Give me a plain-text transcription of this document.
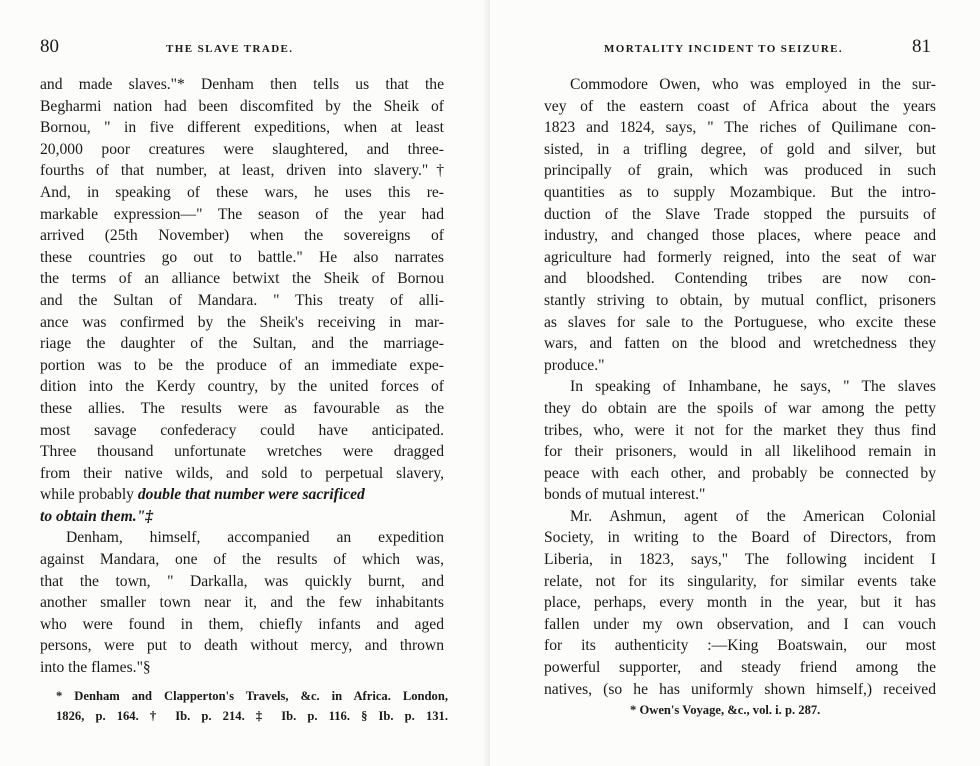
80	THE SLAVE TRADE.
and made slaves."* Denham then tells us that the
Begharmi nation had been discomfited by the Sheik of
Bornou, " in five different expeditions, when at least
20,000 poor creatures were slaughtered, and three-
fourths of that number, at least, driven into slavery."†
And, in speaking of these wars, he uses this re-
markable expression—" The season of the year had
arrived (25th November) when the sovereigns of
these countries go out to battle." He also narrates
the terms of an alliance betwixt the Sheik of Bornou
and the Sultan of Mandara. " This treaty of alli-
ance was confirmed by the Sheik's receiving in mar-
riage the daughter of the Sultan, and the marriage-
portion was to be the produce of an immediate expe-
dition into the Kerdy country, by the united forces of
these allies. The results were as favourable as the
most savage confederacy could have anticipated.
Three thousand unfortunate wretches were dragged
from their native wilds, and sold to perpetual slavery,
while probably double that number were sacrificed
to obtain them."‡
Denham, himself, accompanied an expedition
against Mandara, one of the results of which was,
that the town, " Darkalla, was quickly burnt, and
another smaller town near it, and the few inhabitants
who were found in them, chiefly infants and aged
persons, were put to death without mercy, and thrown
into the flames."§
* Denham and Clapperton's Travels, &c. in Africa. London,
1826, p. 164. † Ib. p. 214. ‡ Ib. p. 116. § Ib. p. 131.
MORTALITY INCIDENT TO SEIZURE.	81
Commodore Owen, who was employed in the sur-
vey of the eastern coast of Africa about the years
1823 and 1824, says, " The riches of Quilimane con-
sisted, in a trifling degree, of gold and silver, but
principally of grain, which was produced in such
quantities as to supply Mozambique. But the intro-
duction of the Slave Trade stopped the pursuits of
industry, and changed those places, where peace and
agriculture had formerly reigned, into the seat of war
and bloodshed. Contending tribes are now con-
stantly striving to obtain, by mutual conflict, prisoners
as slaves for sale to the Portuguese, who excite these
wars, and fatten on the blood and wretchedness they
produce."
In speaking of Inhambane, he says, " The slaves
they do obtain are the spoils of war among the petty
tribes, who, were it not for the market they thus find
for their prisoners, would in all likelihood remain in
peace with each other, and probably be connected by
bonds of mutual interest."
Mr. Ashmun, agent of the American Colonial
Society, in writing to the Board of Directors, from
Liberia, in 1823, says," The following incident I
relate, not for its singularity, for similar events take
place, perhaps, every month in the year, but it has
fallen under my own observation, and I can vouch
for its authenticity :—King Boatswain, our most
powerful supporter, and steady friend among the
natives, (so he has uniformly shown himself,) received
* Owen's Voyage, &c., vol. i. p. 287.
